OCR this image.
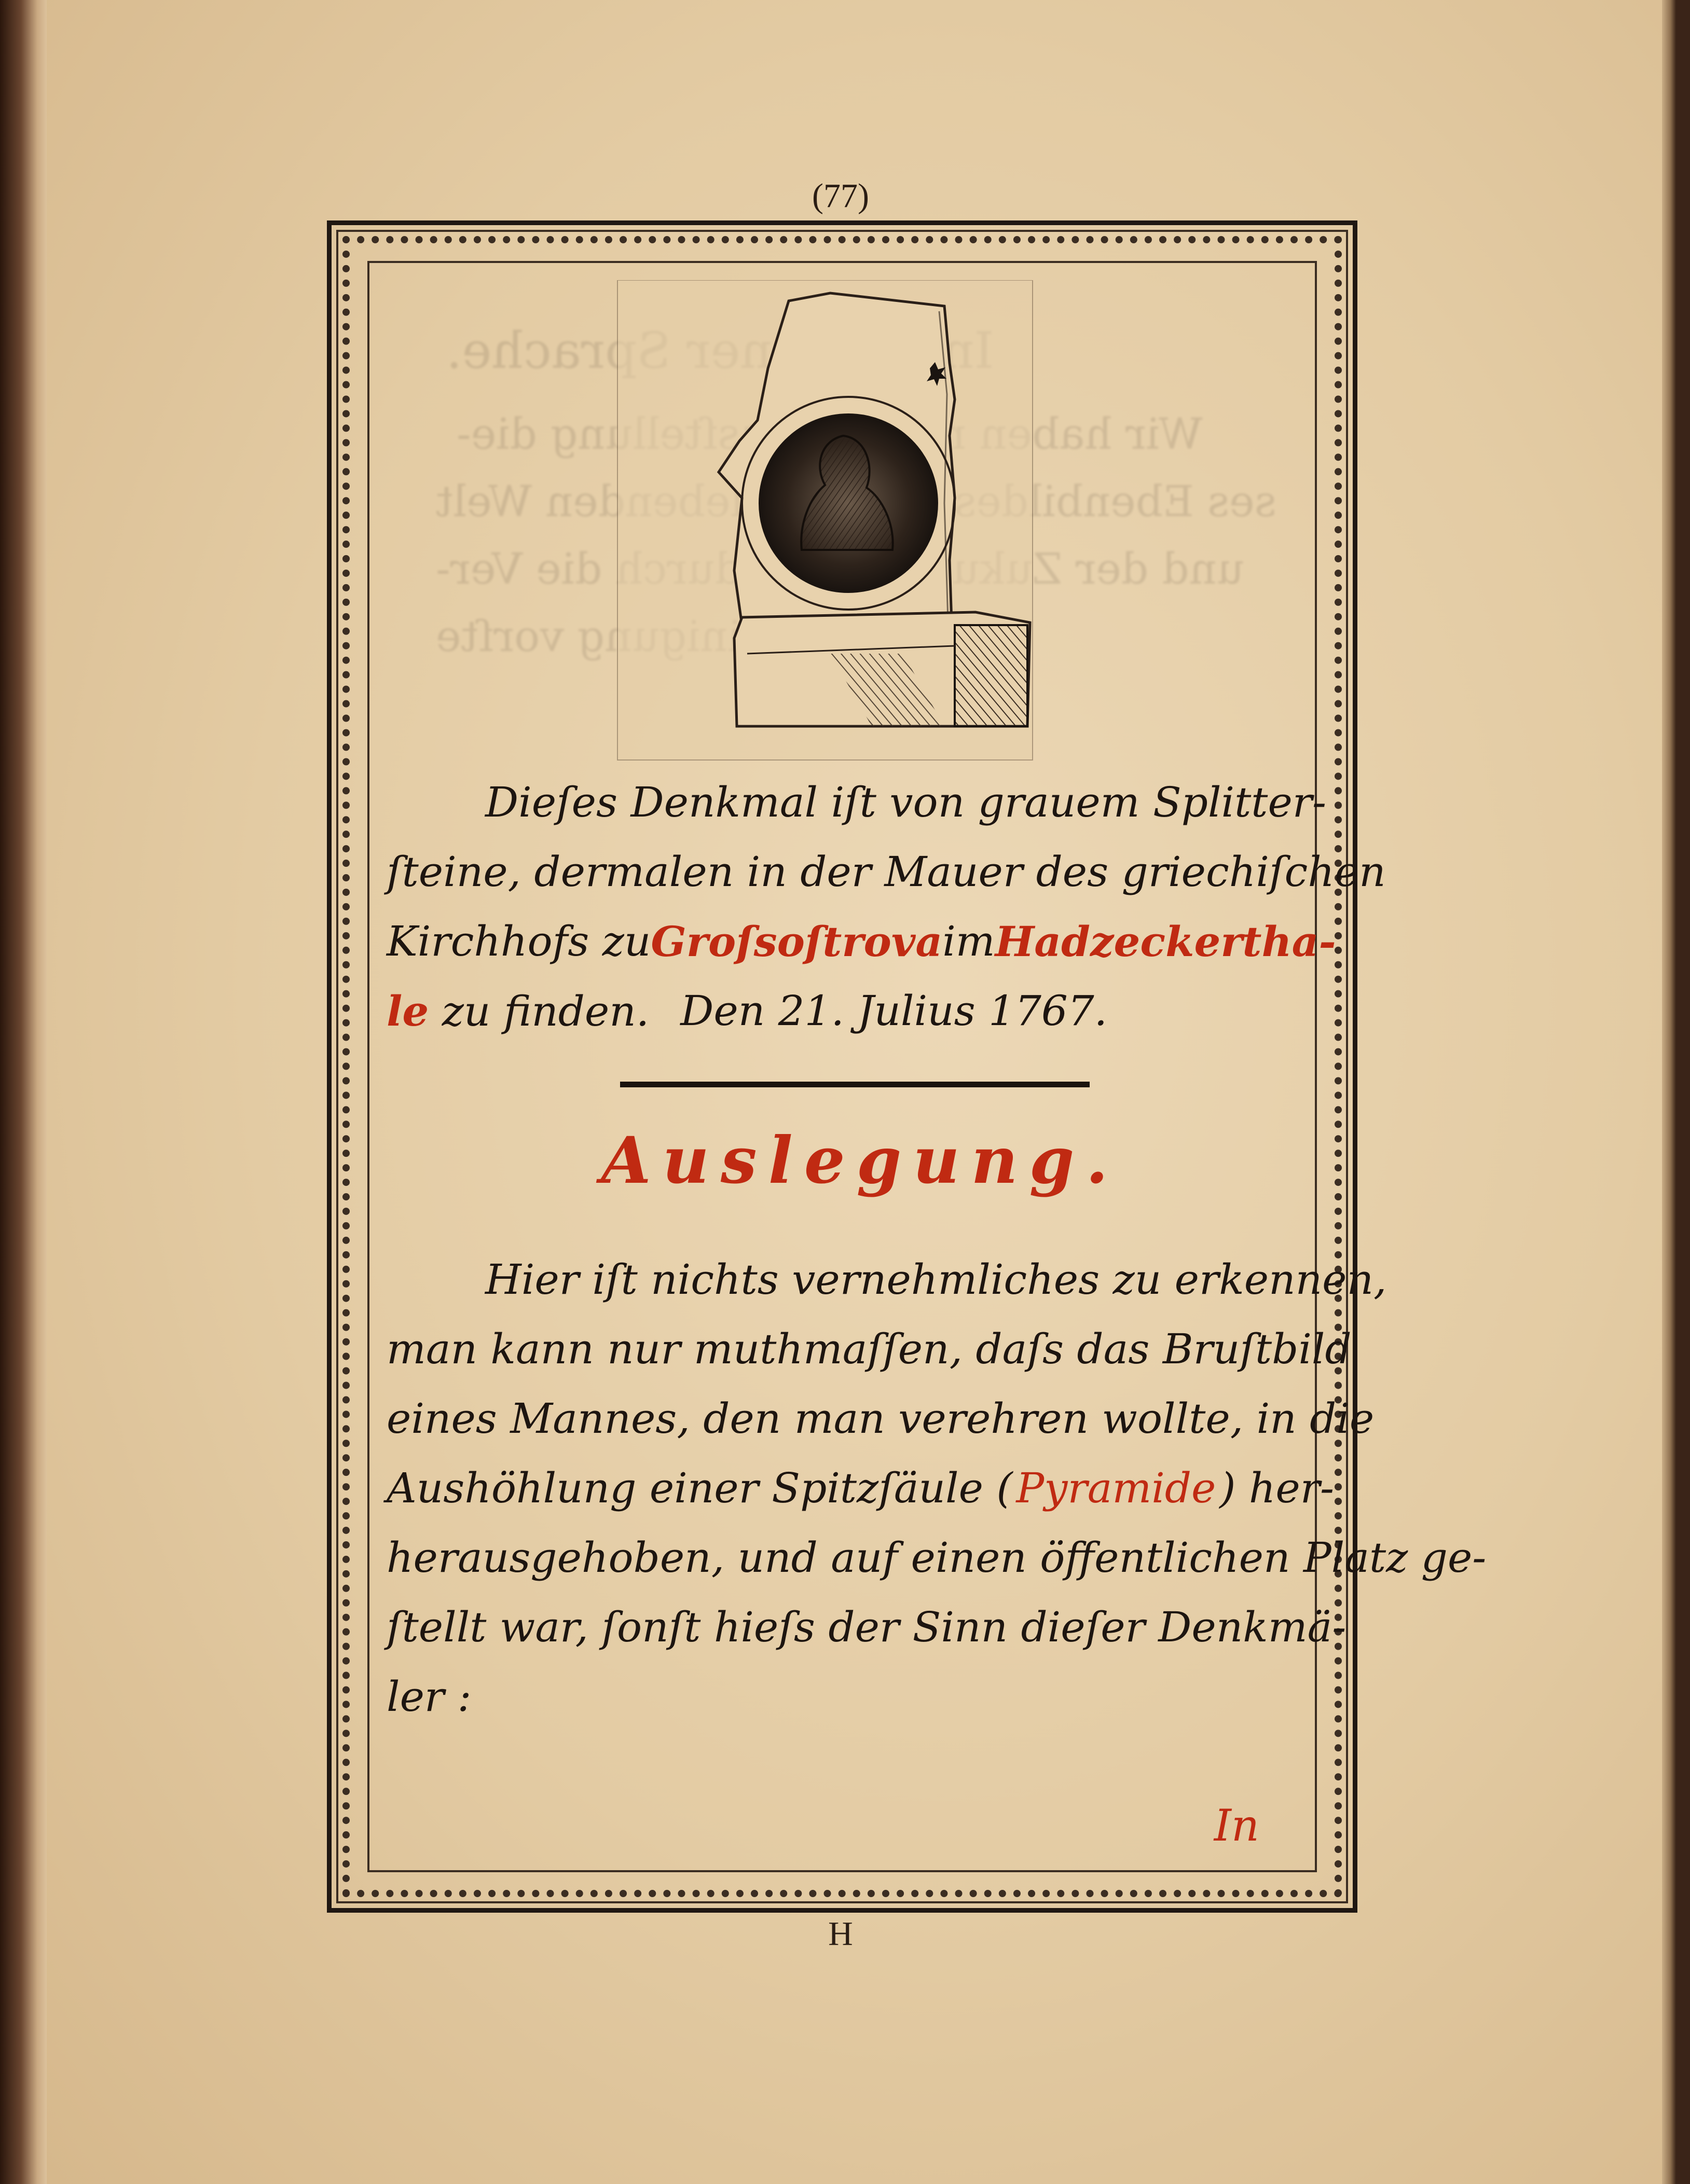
(77)
Dieſes Denkmal iſt von grauem Splitter-
ſteine, dermalen in der Mauer des griechiſchen
Kirchhofs zu Groſsoſtrova im Hadzeckertha-
le zu finden. Den 21. Julius 1767.
Auslegung.
Hier iſt nichts vernehmliches zu erkennen,
man kann nur muthmaſſen, daſs das Bruſtbild
eines Mannes, den man verehren wollte, in die
Aushöhlung einer Spitzſäule ( Pyramide ) her-
herausgehoben, und auf einen öffentlichen Platz ge-
ſtellt war, ſonſt hieſs der Sinn dieſer Denkmä-
ler :
In
H
